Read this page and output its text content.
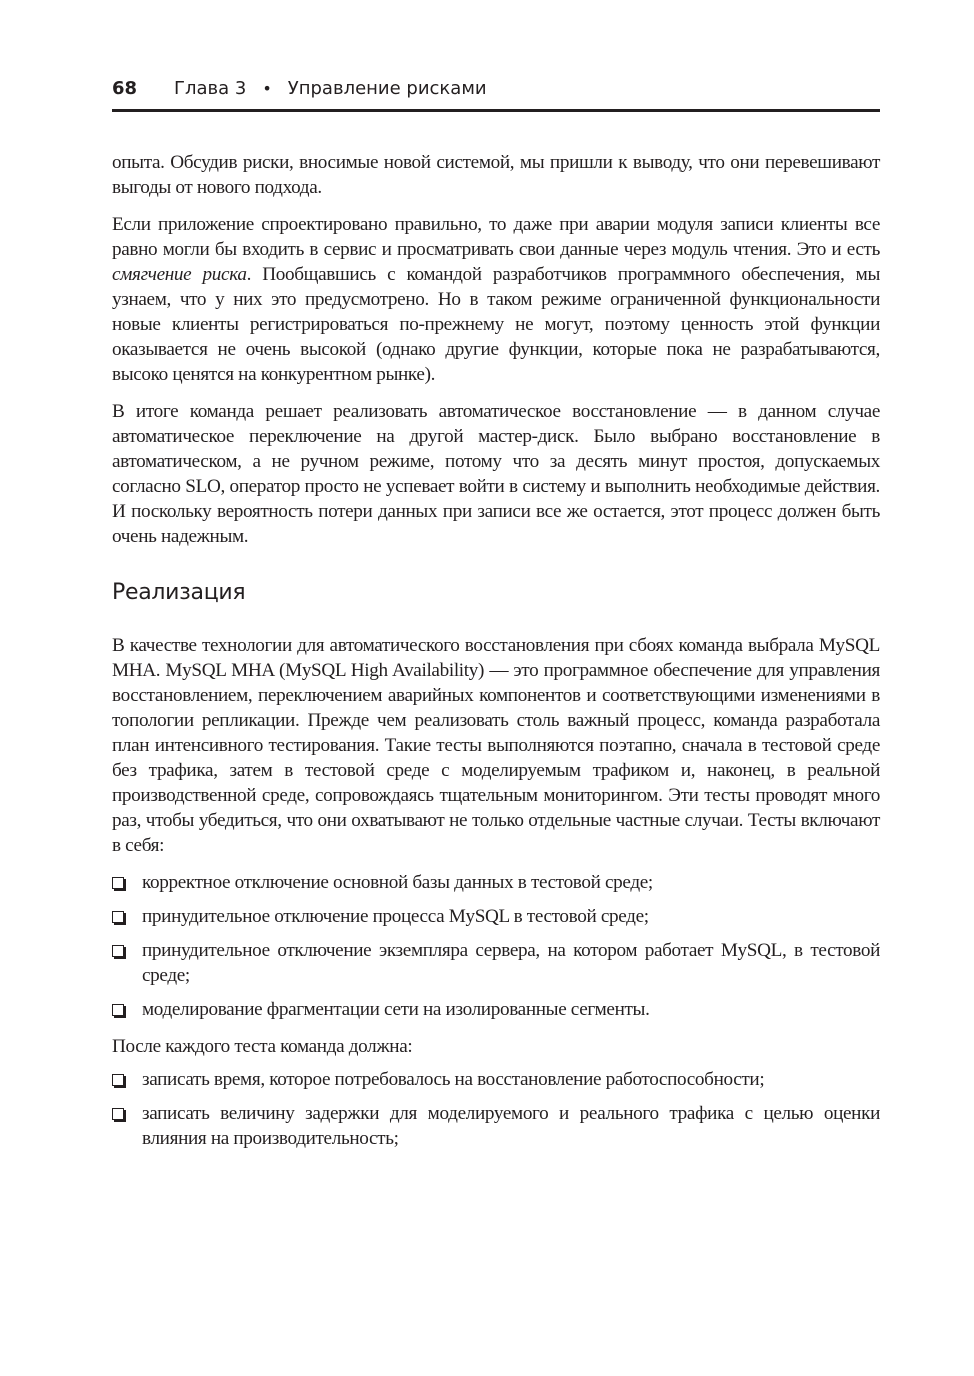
68	Глава 3 • Управление рисками

опыта. Обсудив риски, вносимые новой системой, мы пришли к выводу, что они перевешивают выгоды от нового подхода.

Если приложение спроектировано правильно, то даже при аварии модуля записи клиенты все равно могли бы входить в сервис и просматривать свои данные через модуль чтения. Это и есть смягчение риска. Пообщавшись с командой разработчиков программного обеспечения, мы узнаем, что у них это предусмотрено. Но в таком режиме ограниченной функциональности новые клиенты регистрироваться по-прежнему не могут, поэтому ценность этой функции оказывается не очень высокой (однако другие функции, которые пока не разрабатываются, высоко ценятся на конкурентном рынке).

В итоге команда решает реализовать автоматическое восстановление — в данном случае автоматическое переключение на другой мастер-диск. Было выбрано восстановление в автоматическом, а не ручном режиме, потому что за десять минут простоя, допускаемых согласно SLO, оператор просто не успевает войти в систему и выполнить необходимые действия. И поскольку вероятность потери данных при записи все же остается, этот процесс должен быть очень надежным.

Реализация

В качестве технологии для автоматического восстановления при сбоях команда выбрала MySQL MHA. MySQL MHA (MySQL High Availability) — это программное обеспечение для управления восстановлением, переключением аварийных компонентов и соответствующими изменениями в топологии репликации. Прежде чем реализовать столь важный процесс, команда разработала план интенсивного тестирования. Такие тесты выполняются поэтапно, сначала в тестовой среде без трафика, затем в тестовой среде с моделируемым трафиком и, наконец, в реальной производственной среде, сопровождаясь тщательным мониторингом. Эти тесты проводят много раз, чтобы убедиться, что они охватывают не только отдельные частные случаи. Тесты включают в себя:

корректное отключение основной базы данных в тестовой среде;
принудительное отключение процесса MySQL в тестовой среде;
принудительное отключение экземпляра сервера, на котором работает MySQL, в тестовой среде;
моделирование фрагментации сети на изолированные сегменты.

После каждого теста команда должна:

записать время, которое потребовалось на восстановление работоспособности;
записать величину задержки для моделируемого и реального трафика с целью оценки влияния на производительность;
